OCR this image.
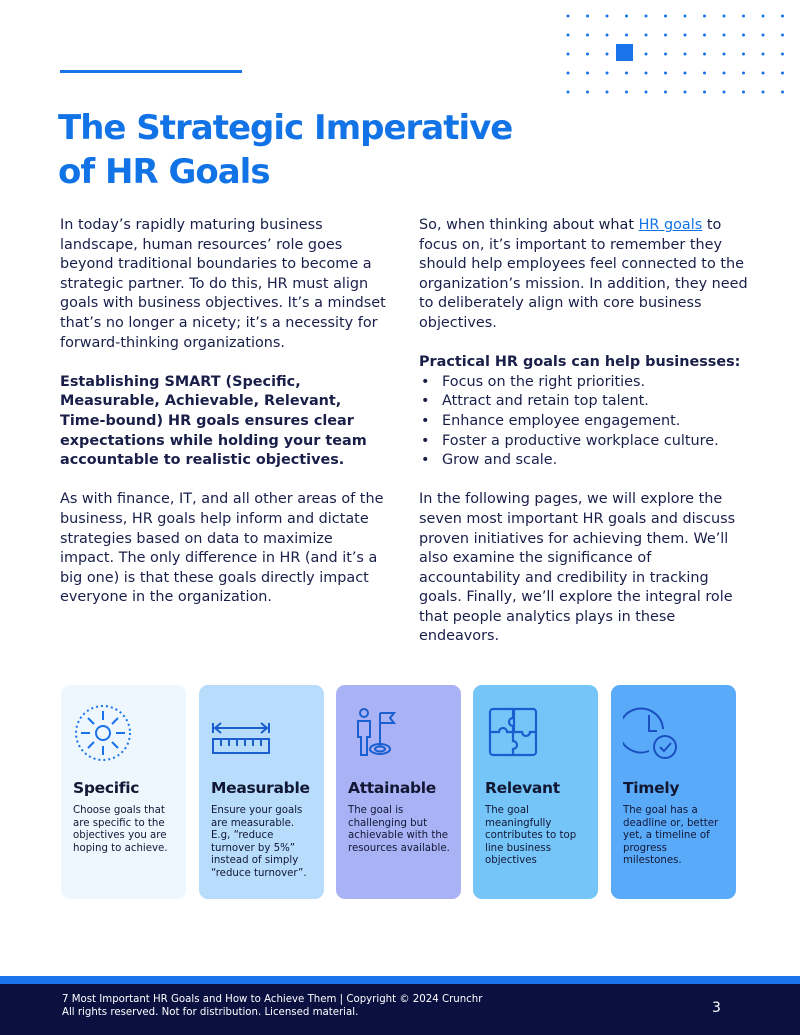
The Strategic Imperative
of HR Goals

In today’s rapidly maturing business landscape, human resources’ role goes beyond traditional boundaries to become a strategic partner. To do this, HR must align goals with business objectives. It’s a mindset that’s no longer a nicety; it’s a necessity for forward-thinking organizations.

Establishing SMART (Specific, Measurable, Achievable, Relevant, Time-bound) HR goals ensures clear expectations while holding your team accountable to realistic objectives.

As with finance, IT, and all other areas of the business, HR goals help inform and dictate strategies based on data to maximize impact. The only difference in HR (and it’s a big one) is that these goals directly impact everyone in the organization.

So, when thinking about what HR goals to focus on, it’s important to remember they should help employees feel connected to the organization’s mission. In addition, they need to deliberately align with core business objectives.

Practical HR goals can help businesses:
• Focus on the right priorities.
• Attract and retain top talent.
• Enhance employee engagement.
• Foster a productive workplace culture.
• Grow and scale.

In the following pages, we will explore the seven most important HR goals and discuss proven initiatives for achieving them. We’ll also examine the significance of accountability and credibility in tracking goals. Finally, we’ll explore the integral role that people analytics plays in these endeavors.

Specific
Choose goals that are specific to the objectives you are hoping to achieve.
Measurable
Ensure your goals are measurable. E.g, “reduce turnover by 5%” instead of simply “reduce turnover”.
Attainable
The goal is challenging but achievable with the resources available.
Relevant
The goal meaningfully contributes to top line business objectives
Timely
The goal has a deadline or, better yet, a timeline of progress milestones.
7 Most Important HR Goals and How to Achieve Them | Copyright © 2024 Crunchr
All rights reserved. Not for distribution. Licensed material.	3
